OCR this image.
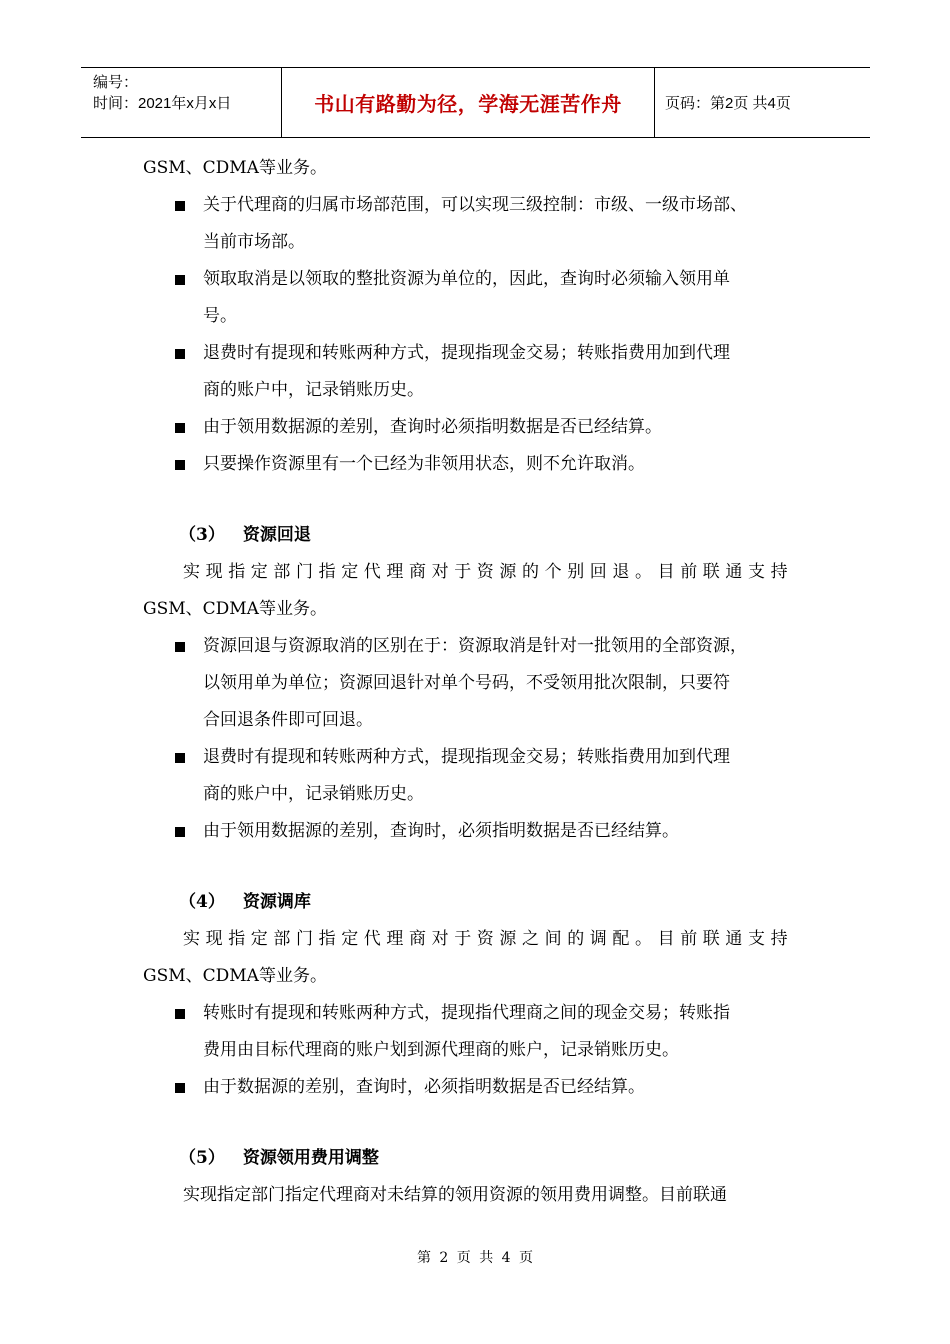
编号：
时间：2021年x月x日	书山有路勤为径，学海无涯苦作舟	页码：第2页 共4页

GSM、CDMA等业务。

关于代理商的归属市场部范围，可以实现三级控制：市级、一级市场部、
当前市场部。
领取取消是以领取的整批资源为单位的，因此，查询时必须输入领用单
号。
退费时有提现和转账两种方式，提现指现金交易；转账指费用加到代理
商的账户中，记录销账历史。
由于领用数据源的差别，查询时必须指明数据是否已经结算。
只要操作资源里有一个已经为非领用状态，则不允许取消。
（3） 资源回退

实现指定部门指定代理商对于资源的个别回退。目前联通支持

GSM、CDMA等业务。

资源回退与资源取消的区别在于：资源取消是针对一批领用的全部资源，
以领用单为单位；资源回退针对单个号码，不受领用批次限制，只要符
合回退条件即可回退。
退费时有提现和转账两种方式，提现指现金交易；转账指费用加到代理
商的账户中，记录销账历史。
由于领用数据源的差别，查询时，必须指明数据是否已经结算。
（4） 资源调库

实现指定部门指定代理商对于资源之间的调配。目前联通支持

GSM、CDMA等业务。

转账时有提现和转账两种方式，提现指代理商之间的现金交易；转账指
费用由目标代理商的账户划到源代理商的账户，记录销账历史。
由于数据源的差别，查询时，必须指明数据是否已经结算。
（5） 资源领用费用调整

实现指定部门指定代理商对未结算的领用资源的领用费用调整。目前联通

第 2 页 共 4 页
